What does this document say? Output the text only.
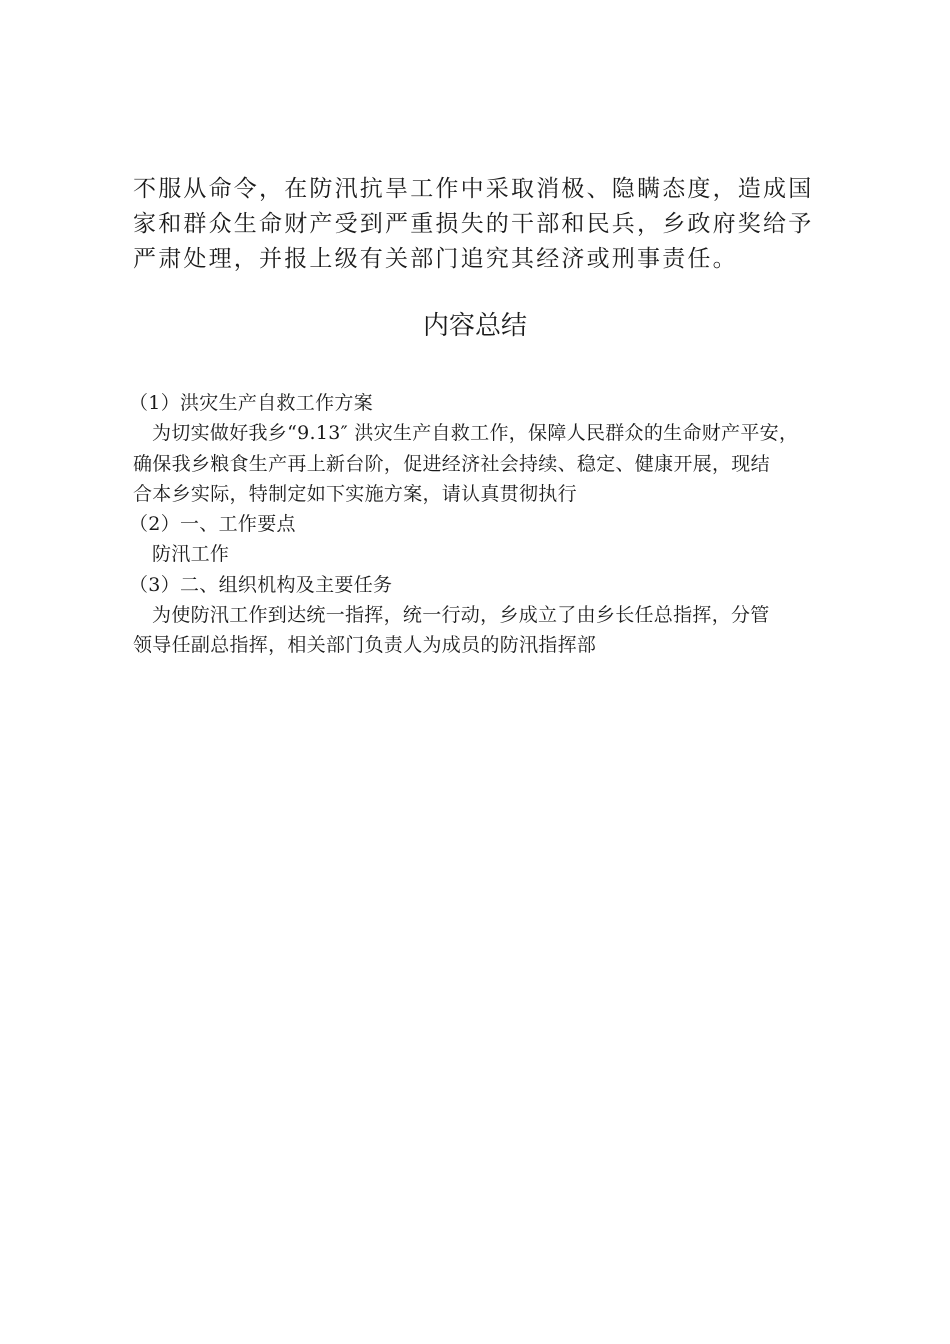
不服从命令，在防汛抗旱工作中采取消极、隐瞒态度，造成国

家和群众生命财产受到严重损失的干部和民兵，乡政府奖给予

严肃处理，并报上级有关部门追究其经济或刑事责任。

内容总结

（1）洪灾生产自救工作方案

为切实做好我乡“9.13″ 洪灾生产自救工作，保障人民群众的生命财产平安，

确保我乡粮食生产再上新台阶，促进经济社会持续、稳定、健康开展，现结

合本乡实际，特制定如下实施方案，请认真贯彻执行

（2）一、工作要点

防汛工作

（3）二、组织机构及主要任务

为使防汛工作到达统一指挥，统一行动，乡成立了由乡长任总指挥，分管

领导任副总指挥，相关部门负责人为成员的防汛指挥部
